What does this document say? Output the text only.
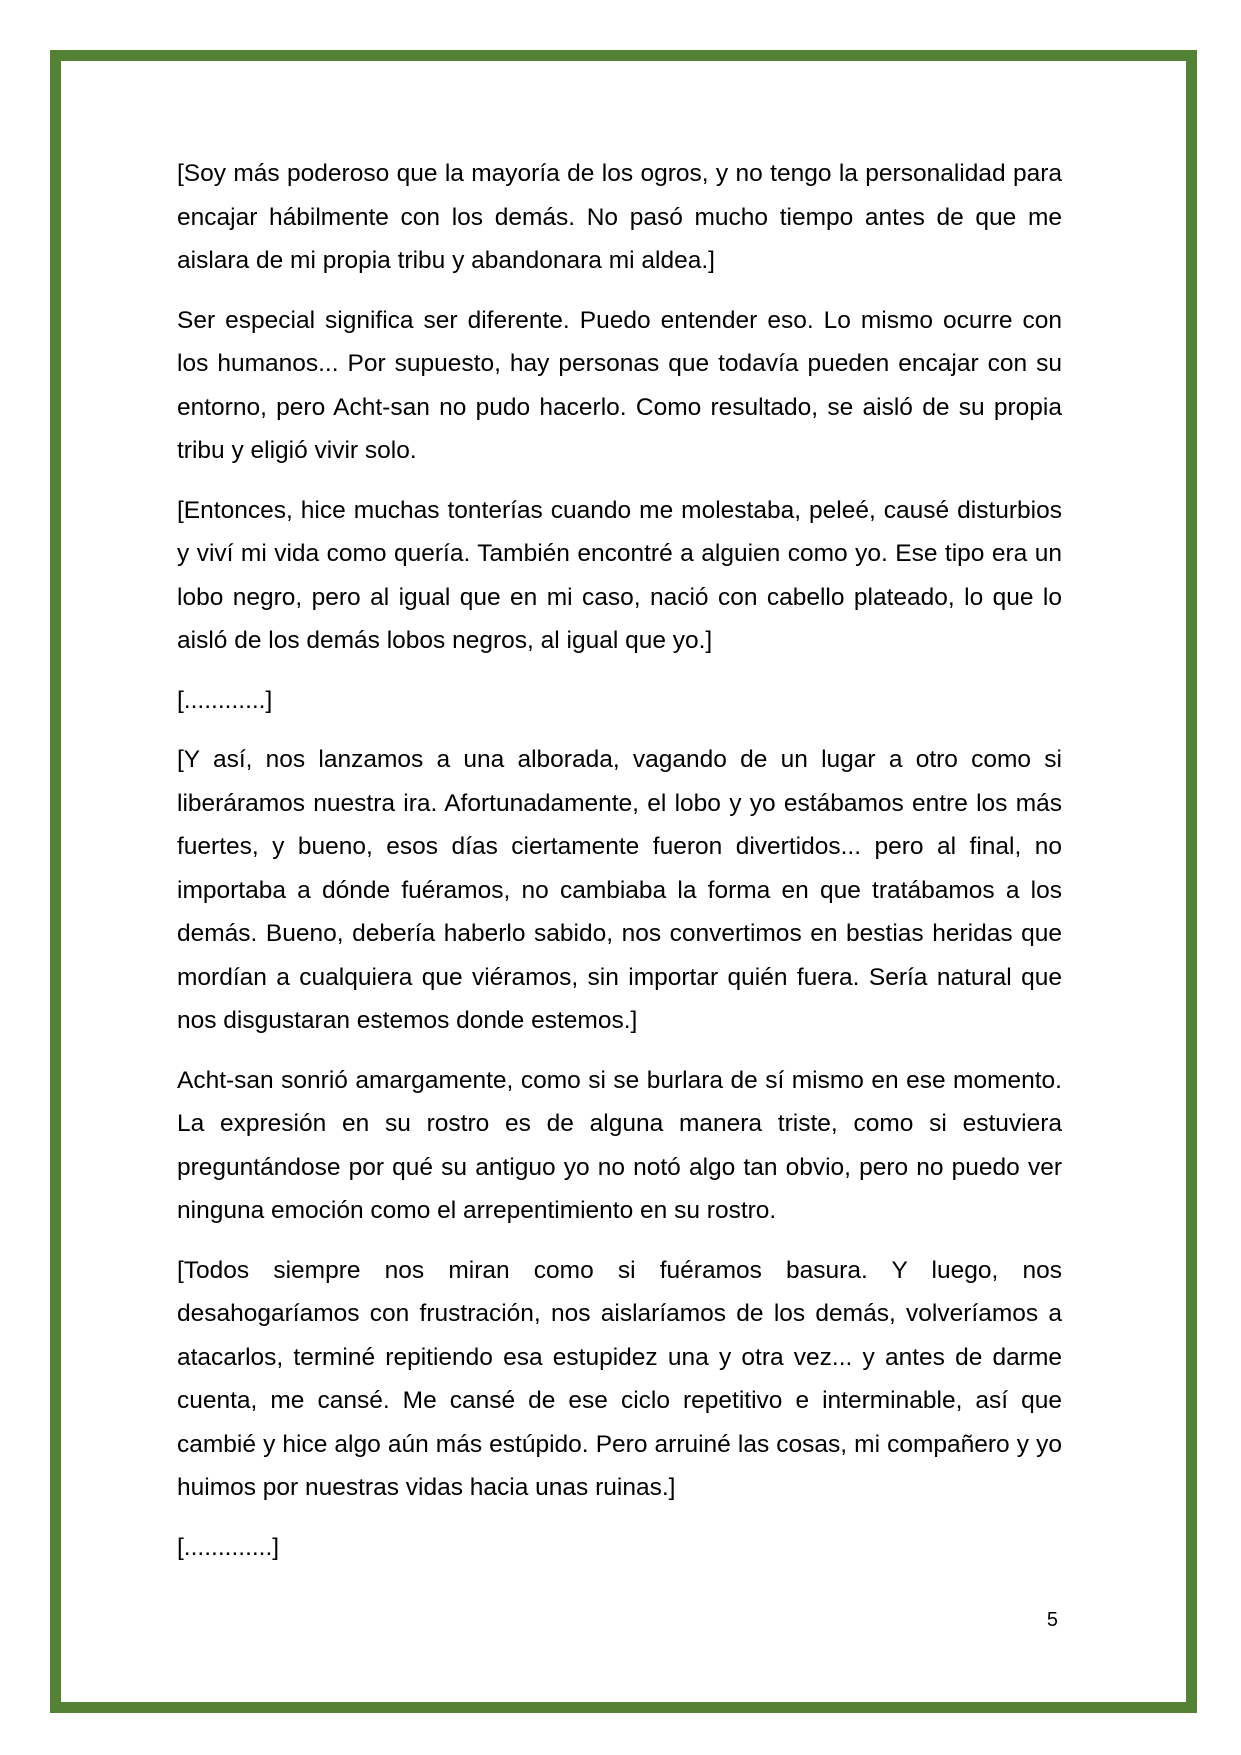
[Soy más poderoso que la mayoría de los ogros, y no tengo la personalidad para encajar hábilmente con los demás. No pasó mucho tiempo antes de que me aislara de mi propia tribu y abandonara mi aldea.]

Ser especial significa ser diferente. Puedo entender eso. Lo mismo ocurre con los humanos... Por supuesto, hay personas que todavía pueden encajar con su entorno, pero Acht-san no pudo hacerlo. Como resultado, se aisló de su propia tribu y eligió vivir solo.

[Entonces, hice muchas tonterías cuando me molestaba, peleé, causé disturbios y viví mi vida como quería. También encontré a alguien como yo. Ese tipo era un lobo negro, pero al igual que en mi caso, nació con cabello plateado, lo que lo aisló de los demás lobos negros, al igual que yo.]

[............]

[Y así, nos lanzamos a una alborada, vagando de un lugar a otro como si liberáramos nuestra ira. Afortunadamente, el lobo y yo estábamos entre los más fuertes, y bueno, esos días ciertamente fueron divertidos... pero al final, no importaba a dónde fuéramos, no cambiaba la forma en que tratábamos a los demás. Bueno, debería haberlo sabido, nos convertimos en bestias heridas que mordían a cualquiera que viéramos, sin importar quién fuera. Sería natural que nos disgustaran estemos donde estemos.]

Acht-san sonrió amargamente, como si se burlara de sí mismo en ese momento. La expresión en su rostro es de alguna manera triste, como si estuviera preguntándose por qué su antiguo yo no notó algo tan obvio, pero no puedo ver ninguna emoción como el arrepentimiento en su rostro.

[Todos siempre nos miran como si fuéramos basura. Y luego, nos desahogaríamos con frustración, nos aislaríamos de los demás, volveríamos a atacarlos, terminé repitiendo esa estupidez una y otra vez... y antes de darme cuenta, me cansé. Me cansé de ese ciclo repetitivo e interminable, así que cambié y hice algo aún más estúpido. Pero arruiné las cosas, mi compañero y yo huimos por nuestras vidas hacia unas ruinas.]

[.............]

5
